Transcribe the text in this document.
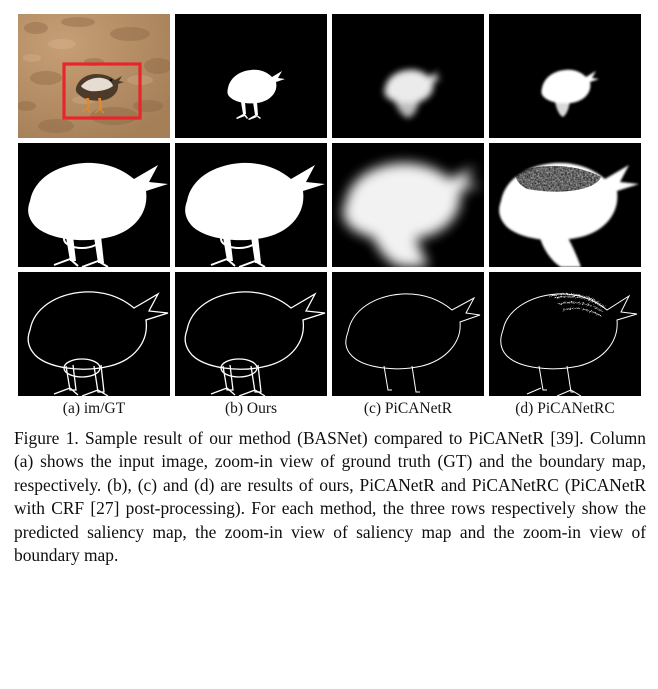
(a) im/GT	(b) Ours	(c) PiCANetR	(d) PiCANetRC
Figure 1. Sample result of our method (BASNet) compared to PiCANetR [39]. Column (a) shows the input image, zoom-in view of ground truth (GT) and the boundary map, respectively. (b), (c) and (d) are results of ours, PiCANetR and PiCANetRC (PiCANetR with CRF [27] post-processing). For each method, the three rows respectively show the predicted saliency map, the zoom-in view of saliency map and the zoom-in view of boundary map.
